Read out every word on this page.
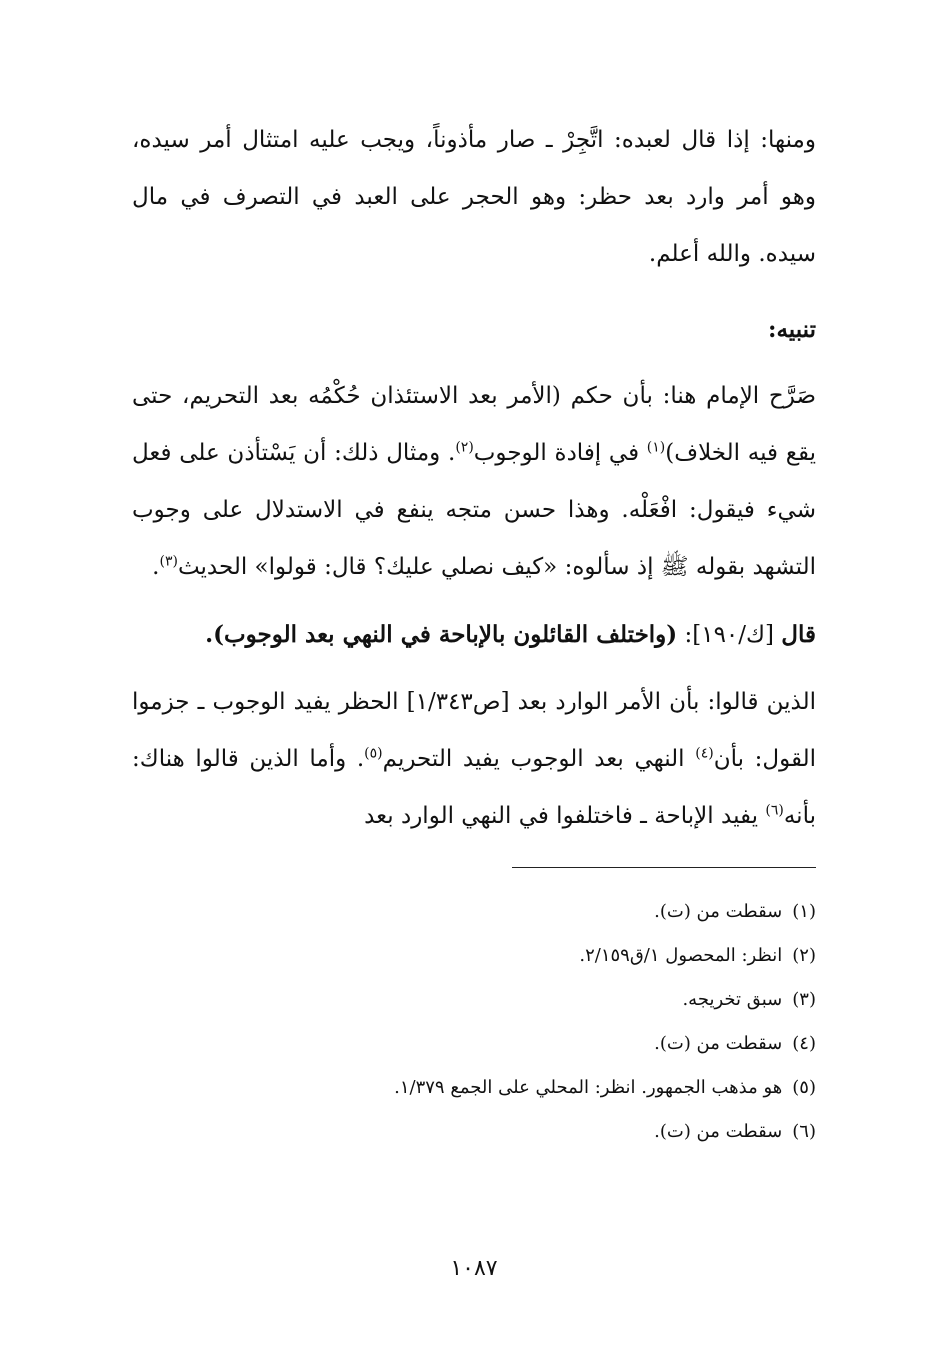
ومنها: إذا قال لعبده: اتَّجِرْ ـ صار مأذوناً، ويجب عليه امتثال أمر سيده، وهو أمر وارد بعد حظر: وهو الحجر على العبد في التصرف في مال سيده. والله أعلم.

تنبيه:

صَرَّح الإمام هنا: بأن حكم (الأمر بعد الاستئذان حُكْمُه بعد التحريم، حتى يقع فيه الخلاف)$^{(١)}$ في إفادة الوجوب$^{(٢)}$. ومثال ذلك: أن يَسْتأذن على فعل شيء فيقول: افْعَلْه. وهذا حسن متجه ينفع في الاستدلال على وجوب التشهد بقوله ﷺ إذ سألوه: «كيف نصلي عليك؟ قال: قولوا» الحديث$^{(٣)}$.

قال [ك/١٩٠]: (واختلف القائلون بالإباحة في النهي بعد الوجوب).

الذين قالوا: بأن الأمر الوارد بعد [ص١/٣٤٣] الحظر يفيد الوجوب ـ جزموا القول: بأن$^{(٤)}$ النهي بعد الوجوب يفيد التحريم$^{(٥)}$. وأما الذين قالوا هناك: بأنه$^{(٦)}$ يفيد الإباحة ـ فاختلفوا في النهي الوارد بعد

(١)
سقطت من (ت).
(٢)
انظر: المحصول ١/ق٢/١٥٩.
(٣)
سبق تخريجه.
(٤)
سقطت من (ت).
(٥)
هو مذهب الجمهور. انظر: المحلي على الجمع ١/٣٧٩.
(٦)
سقطت من (ت).
١٠٨٧
